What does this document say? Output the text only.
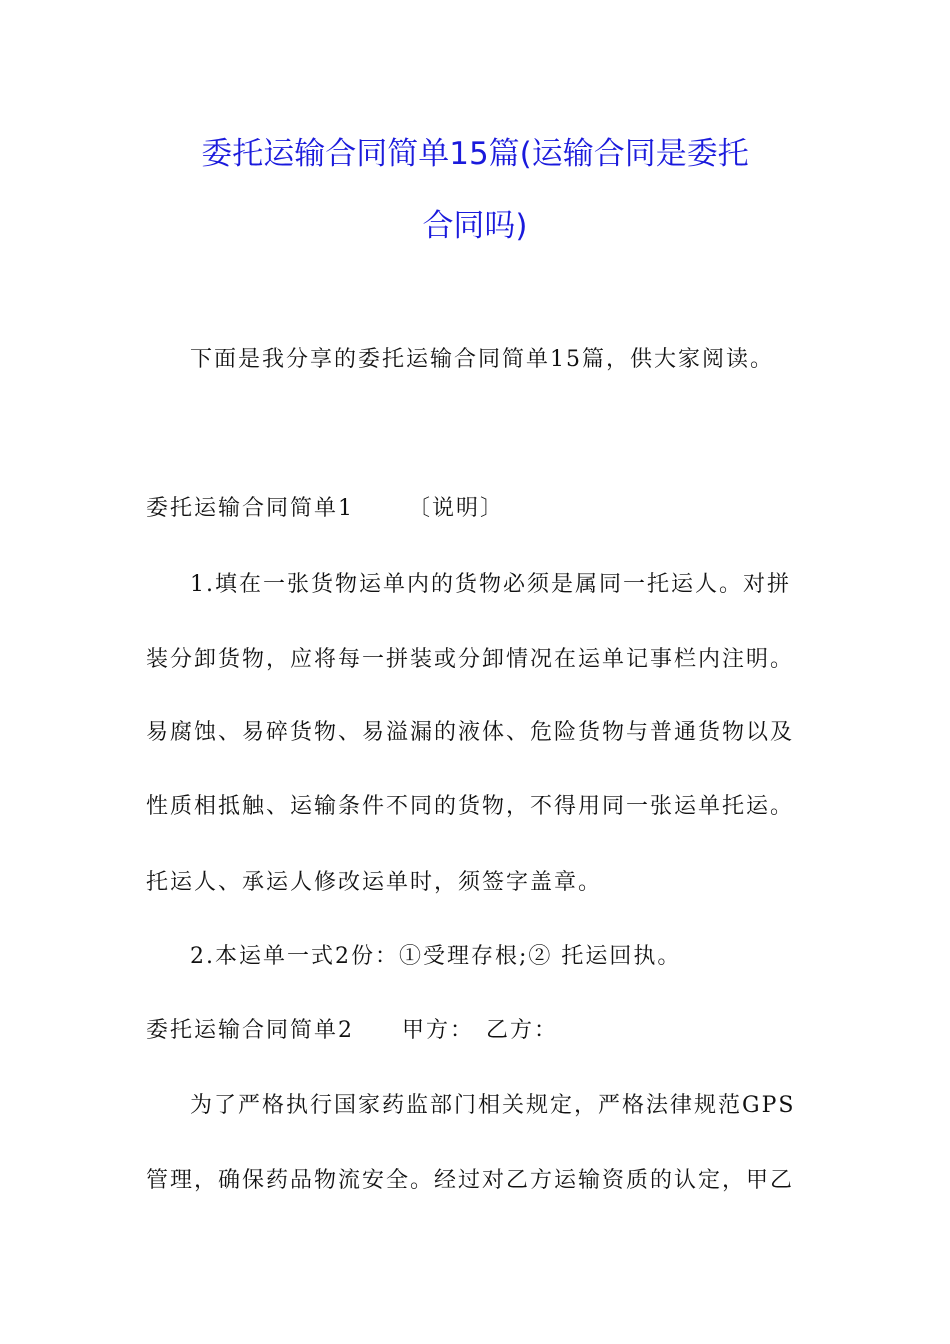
委托运输合同简单15篇(运输合同是委托
合同吗)
下面是我分享的委托运输合同简单15篇，供大家阅读。
委托运输合同简单1 〔说明〕
1.填在一张货物运单内的货物必须是属同一托运人。对拼
装分卸货物，应将每一拼装或分卸情况在运单记事栏内注明。
易腐蚀、易碎货物、易溢漏的液体、危险货物与普通货物以及
性质相抵触、运输条件不同的货物，不得用同一张运单托运。
托运人、承运人修改运单时，须签字盖章。
2.本运单一式2份：①受理存根;② 托运回执。
委托运输合同简单2 甲方： 乙方：
为了严格执行国家药监部门相关规定，严格法律规范GPS
管理，确保药品物流安全。经过对乙方运输资质的认定，甲乙
